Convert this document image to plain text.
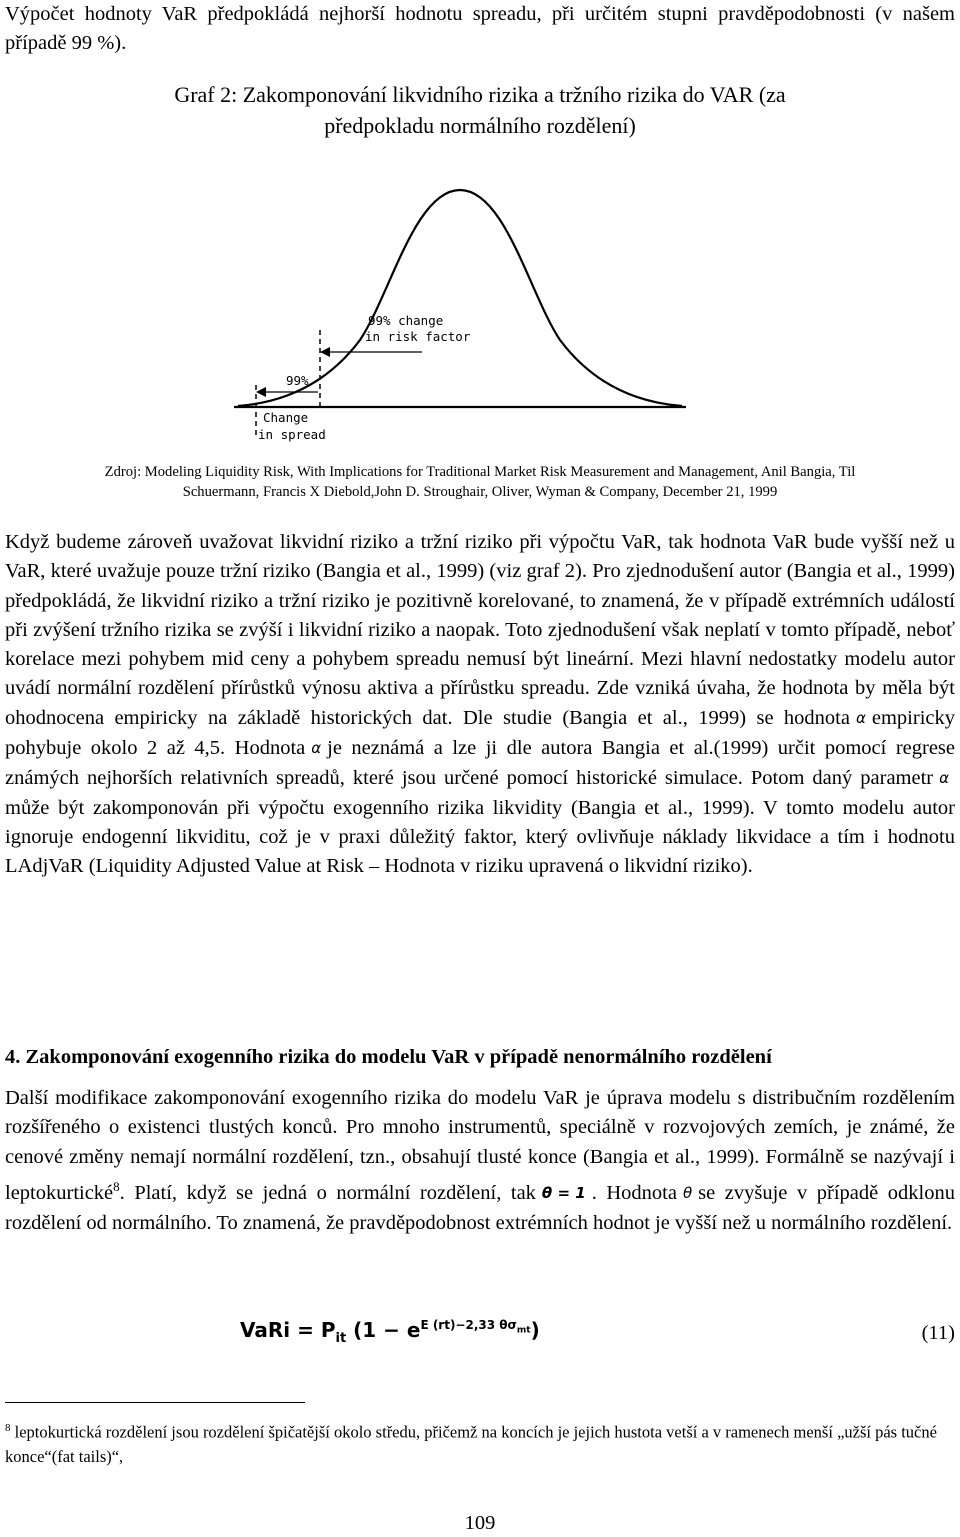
Výpočet hodnoty VaR předpokládá nejhorší hodnotu spreadu, při určitém stupni pravděpodobnosti (v našem případě 99 %).

Graf 2: Zakomponování likvidního rizika a tržního rizika do VAR (za

předpokladu normálního rozdělení)

99% change
in risk factor
99%
Change
in spread

Zdroj: Modeling Liquidity Risk, With Implications for Traditional Market Risk Measurement and Management, Anil Bangia, Til

Schuermann, Francis X Diebold,John D. Stroughair, Oliver, Wyman & Company, December 21, 1999

Když budeme zároveň uvažovat likvidní riziko a tržní riziko při výpočtu VaR, tak hodnota VaR bude vyšší než u VaR, které uvažuje pouze tržní riziko (Bangia et al., 1999) (viz graf 2). Pro zjednodušení autor (Bangia et al., 1999) předpokládá, že likvidní riziko a tržní riziko je pozitivně korelované, to znamená, že v případě extrémních událostí při zvýšení tržního rizika se zvýší i likvidní riziko a naopak. Toto zjednodušení však neplatí v tomto případě, neboť korelace mezi pohybem mid ceny a pohybem spreadu nemusí být lineární. Mezi hlavní nedostatky modelu autor uvádí normální rozdělení přírůstků výnosu aktiva a přírůstku spreadu. Zde vzniká úvaha, že hodnota by měla být ohodnocena empiricky na základě historických dat. Dle studie (Bangia et al., 1999) se hodnota α empiricky pohybuje okolo 2 až 4,5. Hodnota α je neznámá a lze ji dle autora Bangia et al.(1999) určit pomocí regrese známých nejhorších relativních spreadů, které jsou určené pomocí historické simulace. Potom daný parametr αmůže být zakomponován při výpočtu exogenního rizika likvidity (Bangia et al., 1999). V tomto modelu autor ignoruje endogenní likviditu, což je v praxi důležitý faktor, který ovlivňuje náklady likvidace a tím i hodnotu LAdjVaR (Liquidity Adjusted Value at Risk – Hodnota v riziku upravená o likvidní riziko).

4. Zakomponování exogenního rizika do modelu VaR v případě nenormálního rozdělení

Další modifikace zakomponování exogenního rizika do modelu VaR je úprava modelu s distribučním rozdělením rozšířeného o existenci tlustých konců. Pro mnoho instrumentů, speciálně v rozvojových zemích, je známé, že cenové změny nemají normální rozdělení, tzn., obsahují tlusté konce (Bangia et al., 1999). Formálně se nazývají i leptokurtické$^8$. Platí, když se jedná o normální rozdělení, tak θ = 1 . Hodnota θ se zvyšuje v případě odklonu rozdělení od normálního. To znamená, že pravděpodobnost extrémních hodnot je vyšší než u normálního rozdělení.

VaRi = $P_{it}$ $(1 - e^{E (rt)-2,33 \theta\sigma_{mt}})$	(11)

$^8$ leptokurtická rozdělení jsou rozdělení špičatější okolo středu, přičemž na koncích je jejich hustota vetší a v ramenech menší „užší pás tučné konce“(fat tails)“,

109
